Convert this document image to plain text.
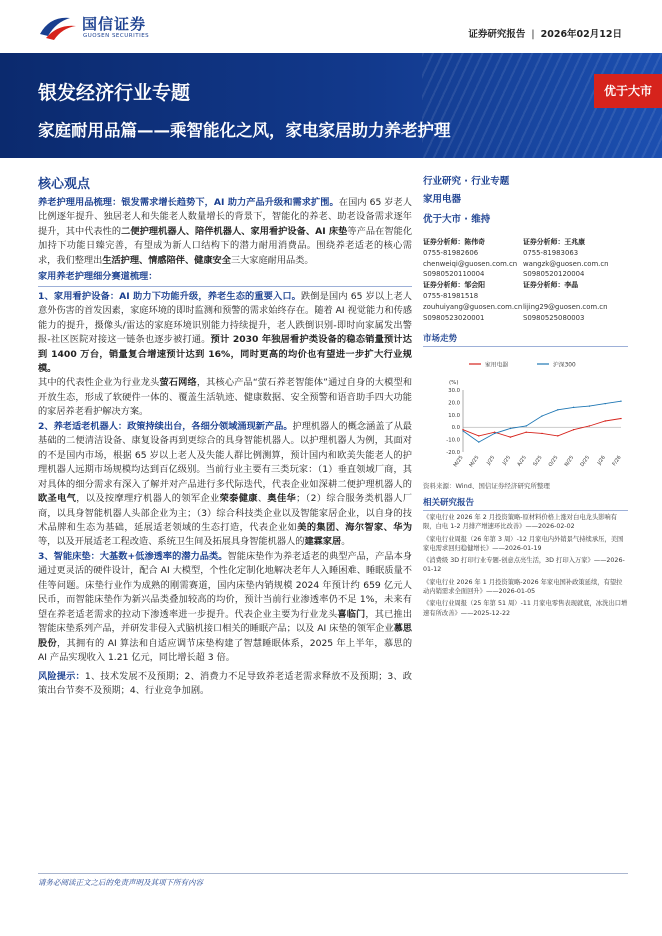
国信证券
GUOSEN SECURITIES	证券研究报告 | 2026年02月12日
银发经济行业专题
家庭耐用品篇——乘智能化之风，家电家居助力养老护理
优于大市
核心观点

养老护理用品梳理：银发需求增长趋势下，AI 助力产品升级和需求扩围。在国内 65 岁老人比例逐年提升、独居老人和失能老人数量增长的背景下，智能化的养老、助老设备需求逐年提升，其中代表性的二便护理机器人、陪伴机器人、家用看护设备、AI 床垫等产品在智能化加持下功能日臻完善，有望成为新人口结构下的潜力耐用消费品。围绕养老适老的核心需求，我们整理出生活护理、情感陪伴、健康安全三大家庭耐用品类。

家用养老护理细分赛道梳理：

1、家用看护设备：AI 助力下功能升级，养老生态的重要入口。跌倒是国内 65 岁以上老人意外伤害的首发因素，家庭环境的即时监测和预警的需求始终存在。随着 AI 视觉能力和传感能力的提升，摄像头/雷达的家庭环境识别能力持续提升，老人跌倒识别-即时向家属发出警报-社区医院对接这一链条也逐步被打通。预计 2030 年独居看护类设备的稳态销量预计达到 1400 万台，销量复合增速预计达到 16%，同时更高的均价也有望进一步扩大行业规模。

其中的代表性企业为行业龙头萤石网络，其核心产品“萤石养老智能体”通过自身的大模型和开放生态，形成了软硬件一体的、覆盖生活轨迹、健康数据、安全预警和语音助手四大功能的家居养老看护解决方案。

2、养老适老机器人：政策持续出台，各细分领域涌现新产品。护理机器人的概念涵盖了从最基础的二便清洁设备、康复设备再到更综合的具身智能机器人。以护理机器人为例，其面对的不是国内市场，根据 65 岁以上老人及失能人群比例测算，预计国内和欧美失能老人的护理机器人远期市场规模均达到百亿级别。当前行业主要有三类玩家：（1）垂直领域厂商，其对具体的细分需求有深入了解并对产品进行多代际迭代，代表企业如深耕二便护理机器人的欧圣电气，以及按摩理疗机器人的领军企业荣泰健康、奥佳华；（2）综合服务类机器人厂商，以具身智能机器人头部企业为主；（3）综合科技类企业以及智能家居企业，以自身的技术品牌和生态为基础，延展适老领域的生态打造，代表企业如美的集团、海尔智家、华为等，以及开展适老工程改造、系统卫生间及拓展具身智能机器人的建霖家居。

3、智能床垫：大基数+低渗透率的潜力品类。智能床垫作为养老适老的典型产品，产品本身通过更灵活的硬件设计，配合 AI 大模型，个性化定制化地解决老年人入睡困难、睡眠质量不佳等问题。床垫行业作为成熟的刚需赛道，国内床垫内销规模 2024 年预计约 659 亿元人民币，而智能床垫作为新兴品类叠加较高的均价，预计当前行业渗透率仍不足 1%，未来有望在养老适老需求的拉动下渗透率进一步提升。代表企业主要为行业龙头喜临门，其已推出智能床垫系列产品，并研发非侵入式脑机接口相关的睡眠产品；以及 AI 床垫的领军企业慕思股份，其拥有的 AI 算法和自适应调节床垫构建了智慧睡眠体系，2025 年上半年，慕思的 AI 产品实现收入 1.21 亿元，同比增长超 3 倍。

风险提示：1、技术发展不及预期；2、消费力不足导致养老适老需求释放不及预期；3、政策出台节奏不及预期；4、行业竞争加剧。

行业研究 · 行业专题
家用电器
优于大市 · 维持
证券分析师：陈伟奇	证券分析师：王兆康
0755-81982606	0755-81983063
chenweiqi@guosen.com.cn wangzk@guosen.com.cn
S0980520110004	S0980520120004
证券分析师：邹会阳	证券分析师：李晶
0755-81981518
zouhuiyang@guosen.com.cn lijing29@guosen.com.cn
S0980523020001	S0980525080003
市场走势
家用电器	沪深300
(%)
-20.0
-10.0
0.0
10.0
20.0
30.0
M/25 M/25 J/25 J/25 A/25 S/25 O/25 N/25 D/25 J/26 F/26
资料来源：Wind、国信证券经济研究所整理
相关研究报告
《家电行业 2026 年 2 月投资策略-原材料价格上涨对白电龙头影响有限，白电 1-2 月排产增速环比改善》——2026-02-02
《家电行业周报（26 年第 3 周）-12 月家电内外销景气持续承压，美国家电需求回归稳健增长》——2026-01-19
《消费级 3D 打印行业专题-创意点亮生活，3D 打印入万家》——2026-01-12
《家电行业 2026 年 1 月投资策略-2026 年家电国补政策延续，有望拉动内销需求全面回升》——2026-01-05
《家电行业周报（25 年第 51 周）-11 月家电零售表现就底，冰洗出口增速有所改善》——2025-12-22
请务必阅读正文之后的免责声明及其项下所有内容
